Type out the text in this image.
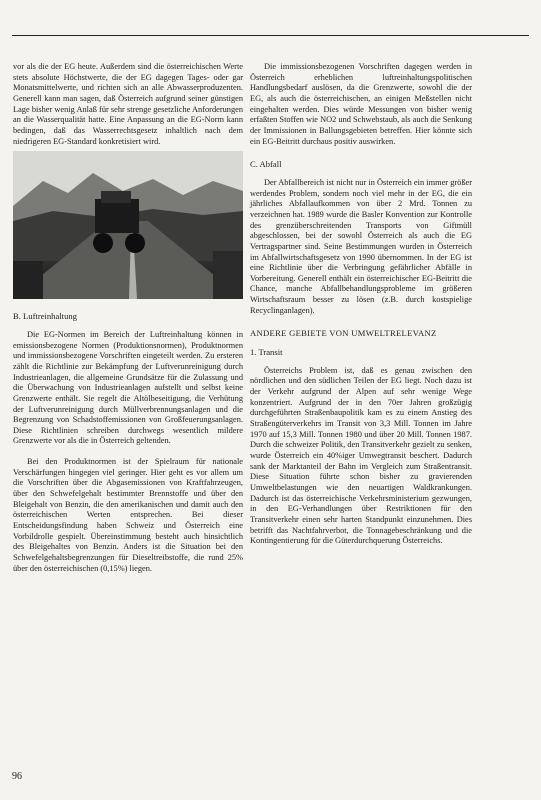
vor als die der EG heute. Außerdem sind die österreichischen Werte stets absolute Höchstwerte, die der EG dagegen Tages- oder gar Monatsmittelwerte, und richten sich an alle Abwasserproduzenten. Generell kann man sagen, daß Österreich aufgrund seiner günstigen Lage bisher wenig Anlaß für sehr strenge gesetzliche Anforderungen an die Wasserqualität hatte. Eine Anpassung an die EG-Norm kann bedingen, daß das Wasserrechtsgesetz inhaltlich nach dem niedrigeren EG-Standard konkretisiert wird.

B. Luftreinhaltung

Die EG-Normen im Bereich der Luftreinhaltung können in emissionsbezogene Normen (Produktionsnormen), Produktnormen und immissionsbezogene Vorschriften eingeteilt werden. Zu ersteren zählt die Richtlinie zur Bekämpfung der Luftverunreinigung durch Industrieanlagen, die allgemeine Grundsätze für die Zulassung und die Überwachung von Industrieanlagen aufstellt und selbst keine Grenzwerte enthält. Sie regelt die Altölbeseitigung, die Verhütung der Luftverunreinigung durch Müllverbrennungsanlagen und die Begrenzung von Schadstoffemissionen von Großfeuerungsanlagen. Diese Richtlinien schreiben durchwegs wesentlich mildere Grenzwerte vor als die in Österreich geltenden.

Bei den Produktnormen ist der Spielraum für nationale Verschärfungen hingegen viel geringer. Hier geht es vor allem um die Vorschriften über die Abgasemissionen von Kraftfahrzeugen, über den Schwefelgehalt bestimmter Brennstoffe und über den Bleigehalt von Benzin, die den amerikanischen und damit auch den österreichischen Werten entsprechen. Bei dieser Entscheidungsfindung haben Schweiz und Österreich eine Vorbildrolle gespielt. Übereinstimmung besteht auch hinsichtlich des Bleigehaltes von Benzin. Anders ist die Situation bei den Schwefelgehaltsbegrenzungen für Dieseltreibstoffe, die rund 25% über den österreichischen (0,15%) liegen.

Die immissionsbezogenen Vorschriften dagegen werden in Österreich erheblichen luftreinhaltungspolitischen Handlungsbedarf auslösen, da die Grenzwerte, sowohl die der EG, als auch die österreichischen, an einigen Meßstellen nicht eingehalten werden. Dies würde Messungen von bisher wenig erfaßten Stoffen wie NO2 und Schwebstaub, als auch die Senkung der Immissionen in Ballungsgebieten betreffen. Hier könnte sich ein EG-Beitritt durchaus positiv auswirken.

C. Abfall

Der Abfallbereich ist nicht nur in Österreich ein immer größer werdendes Problem, sondern noch viel mehr in der EG, die ein jährliches Abfallaufkommen von über 2 Mrd. Tonnen zu verzeichnen hat. 1989 wurde die Basler Konvention zur Kontrolle des grenzüberschreitenden Transports von Giftmüll abgeschlossen, bei der sowohl Österreich als auch die EG Vertragspartner sind. Seine Bestimmungen wurden in Österreich im Abfallwirtschaftsgesetz von 1990 übernommen. In der EG ist eine Richtlinie über die Verbringung gefährlicher Abfälle in Vorbereitung. Generell enthält ein österreichischer EG-Beitritt die Chance, manche Abfallbehandlungsprobleme im größeren Wirtschaftsraum besser zu lösen (z.B. durch kostspielige Recyclinganlagen).

ANDERE GEBIETE VON UMWELTRELEVANZ
1. Transit

Österreichs Problem ist, daß es genau zwischen den nördlichen und den südlichen Teilen der EG liegt. Noch dazu ist der Verkehr aufgrund der Alpen auf sehr wenige Wege konzentriert. Aufgrund der in den 70er Jahren großzügig durchgeführten Straßenbaupolitik kam es zu einem Anstieg des Straßengüterverkehrs im Transit von 3,3 Mill. Tonnen im Jahre 1970 auf 15,3 Mill. Tonnen 1980 und über 20 Mill. Tonnen 1987. Durch die schweizer Politik, den Transitverkehr gezielt zu senken, wurde Österreich ein 40%iger Umwegtransit beschert. Dadurch sank der Marktanteil der Bahn im Vergleich zum Straßentransit. Diese Situation führte schon bisher zu gravierenden Umweltbelastungen wie den neuartigen Waldkrankungen. Dadurch ist das österreichische Verkehrsministerium gezwungen, in den EG-Verhandlungen über Restriktionen für den Transitverkehr einen sehr harten Standpunkt einzunehmen. Dies betrifft das Nachtfahrverbot, die Tonnagebeschränkung und die Kontingentierung für die Güterdurchquerung Österreichs.

96
